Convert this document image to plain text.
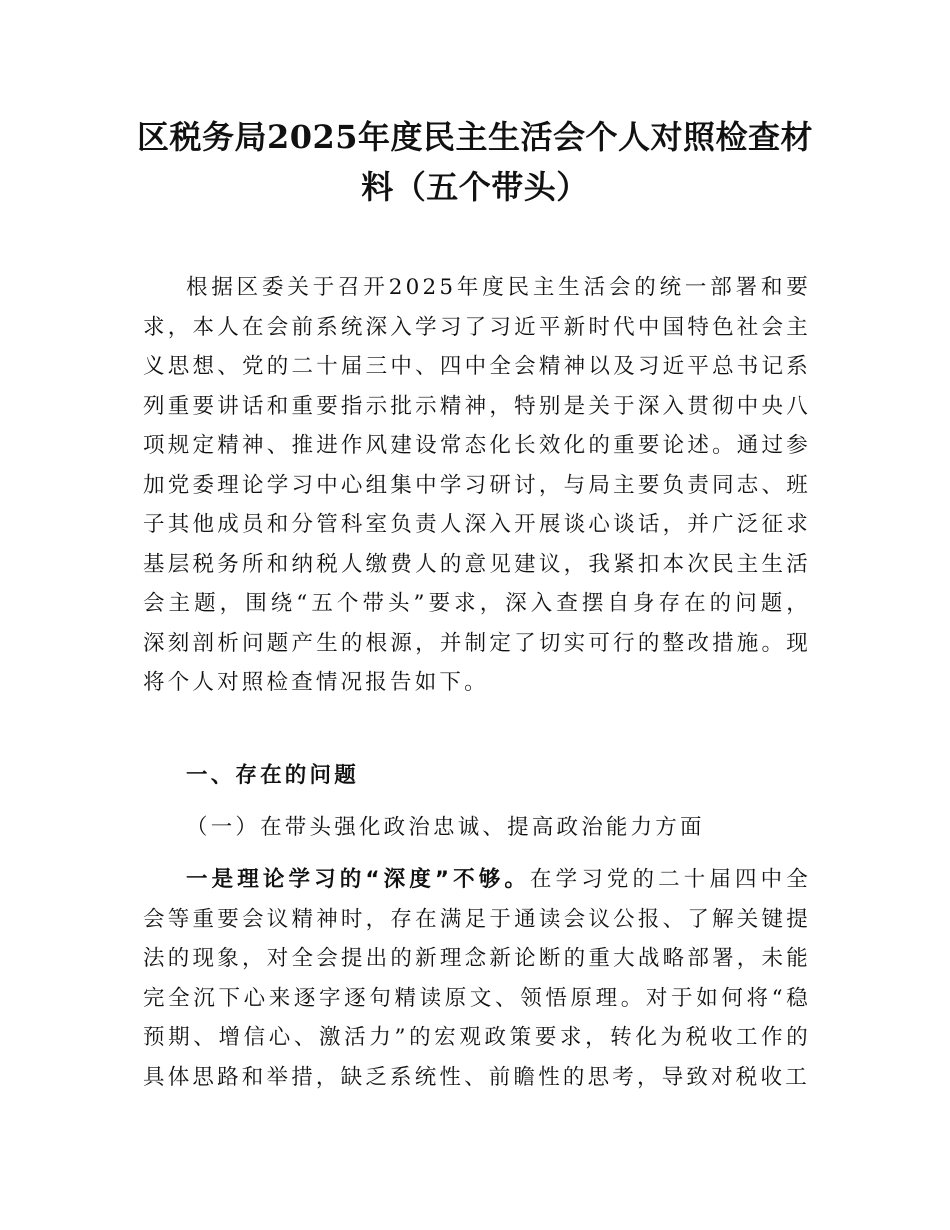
区税务局2025年度民主生活会个人对照检查材
料（五个带头）

根据区委关于召开2025年度民主生活会的统一部署和要求，本人在会前系统深入学习了习近平新时代中国特色社会主义思想、党的二十届三中、四中全会精神以及习近平总书记系列重要讲话和重要指示批示精神，特别是关于深入贯彻中央八项规定精神、推进作风建设常态化长效化的重要论述。通过参加党委理论学习中心组集中学习研讨，与局主要负责同志、班子其他成员和分管科室负责人深入开展谈心谈话，并广泛征求基层税务所和纳税人缴费人的意见建议，我紧扣本次民主生活会主题，围绕“五个带头”要求，深入查摆自身存在的问题，深刻剖析问题产生的根源，并制定了切实可行的整改措施。现将个人对照检查情况报告如下。

一、存在的问题

（一）在带头强化政治忠诚、提高政治能力方面

一是理论学习的“深度”不够。在学习党的二十届四中全会等重要会议精神时，存在满足于通读会议公报、了解关键提法的现象，对全会提出的新理念新论断的重大战略部署，未能完全沉下心来逐字逐句精读原文、领悟原理。对于如何将“稳预期、增信心、激活力”的宏观政策要求，转化为税收工作的具体思路和举措，缺乏系统性、前瞻性的思考，导致对税收工
